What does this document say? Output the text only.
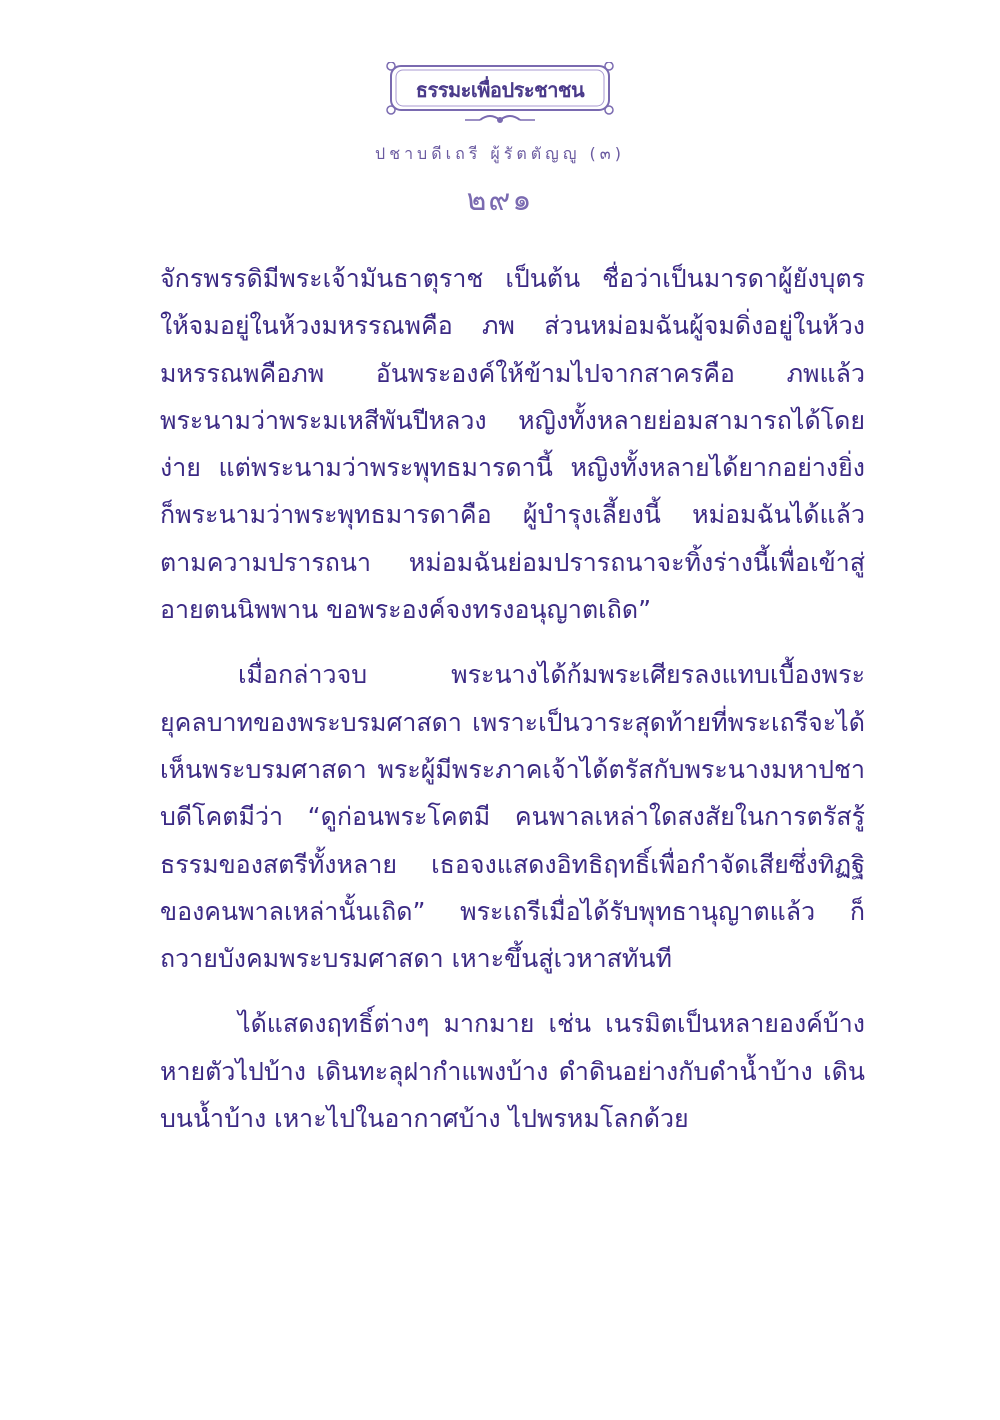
ธรรมะเพื่อประชาชน
ปชาบดีเถรี ผู้รัตตัญญู (๓)
๒๙๑

จักรพรรดิมีพระเจ้ามันธาตุราช เป็นต้น ชื่อว่าเป็นมารดาผู้ยังบุตรให้จมอยู่ในห้วงมหรรณพคือ ภพ ส่วนหม่อมฉันผู้จมดิ่งอยู่ในห้วงมหรรณพคือภพ อันพระองค์ให้ข้ามไปจากสาครคือ ภพแล้ว พระนามว่าพระมเหสีพันปีหลวง หญิงทั้งหลายย่อมสามารถได้โดยง่าย แต่พระนามว่าพระพุทธมารดานี้ หญิงทั้งหลายได้ยากอย่างยิ่ง ก็พระนามว่าพระพุทธมารดาคือ ผู้บำรุงเลี้ยงนี้ หม่อมฉันได้แล้วตามความปรารถนา หม่อมฉันย่อมปรารถนาจะทิ้งร่างนี้เพื่อเข้าสู่อายตนนิพพาน ขอพระองค์จงทรงอนุญาตเถิด”

เมื่อกล่าวจบ พระนางได้ก้มพระเศียรลงแทบเบื้องพระยุคลบาทของพระบรมศาสดา เพราะเป็นวาระสุดท้ายที่พระเถรีจะได้เห็นพระบรมศาสดา พระผู้มีพระภาคเจ้าได้ตรัสกับพระนางมหาปชาบดีโคตมีว่า “ดูก่อนพระโคตมี คนพาลเหล่าใดสงสัยในการตรัสรู้ธรรมของสตรีทั้งหลาย เธอจงแสดงอิทธิฤทธิ์เพื่อกำจัดเสียซึ่งทิฏฐิของคนพาลเหล่านั้นเถิด” พระเถรีเมื่อได้รับพุทธานุญาตแล้ว ก็ถวายบังคมพระบรมศาสดา เหาะขึ้นสู่เวหาสทันที

ได้แสดงฤทธิ์ต่างๆ มากมาย เช่น เนรมิตเป็นหลายองค์บ้าง หายตัวไปบ้าง เดินทะลุฝากำแพงบ้าง ดำดินอย่างกับดำน้ำบ้าง เดินบนน้ำบ้าง เหาะไปในอากาศบ้าง ไปพรหมโลกด้วย
